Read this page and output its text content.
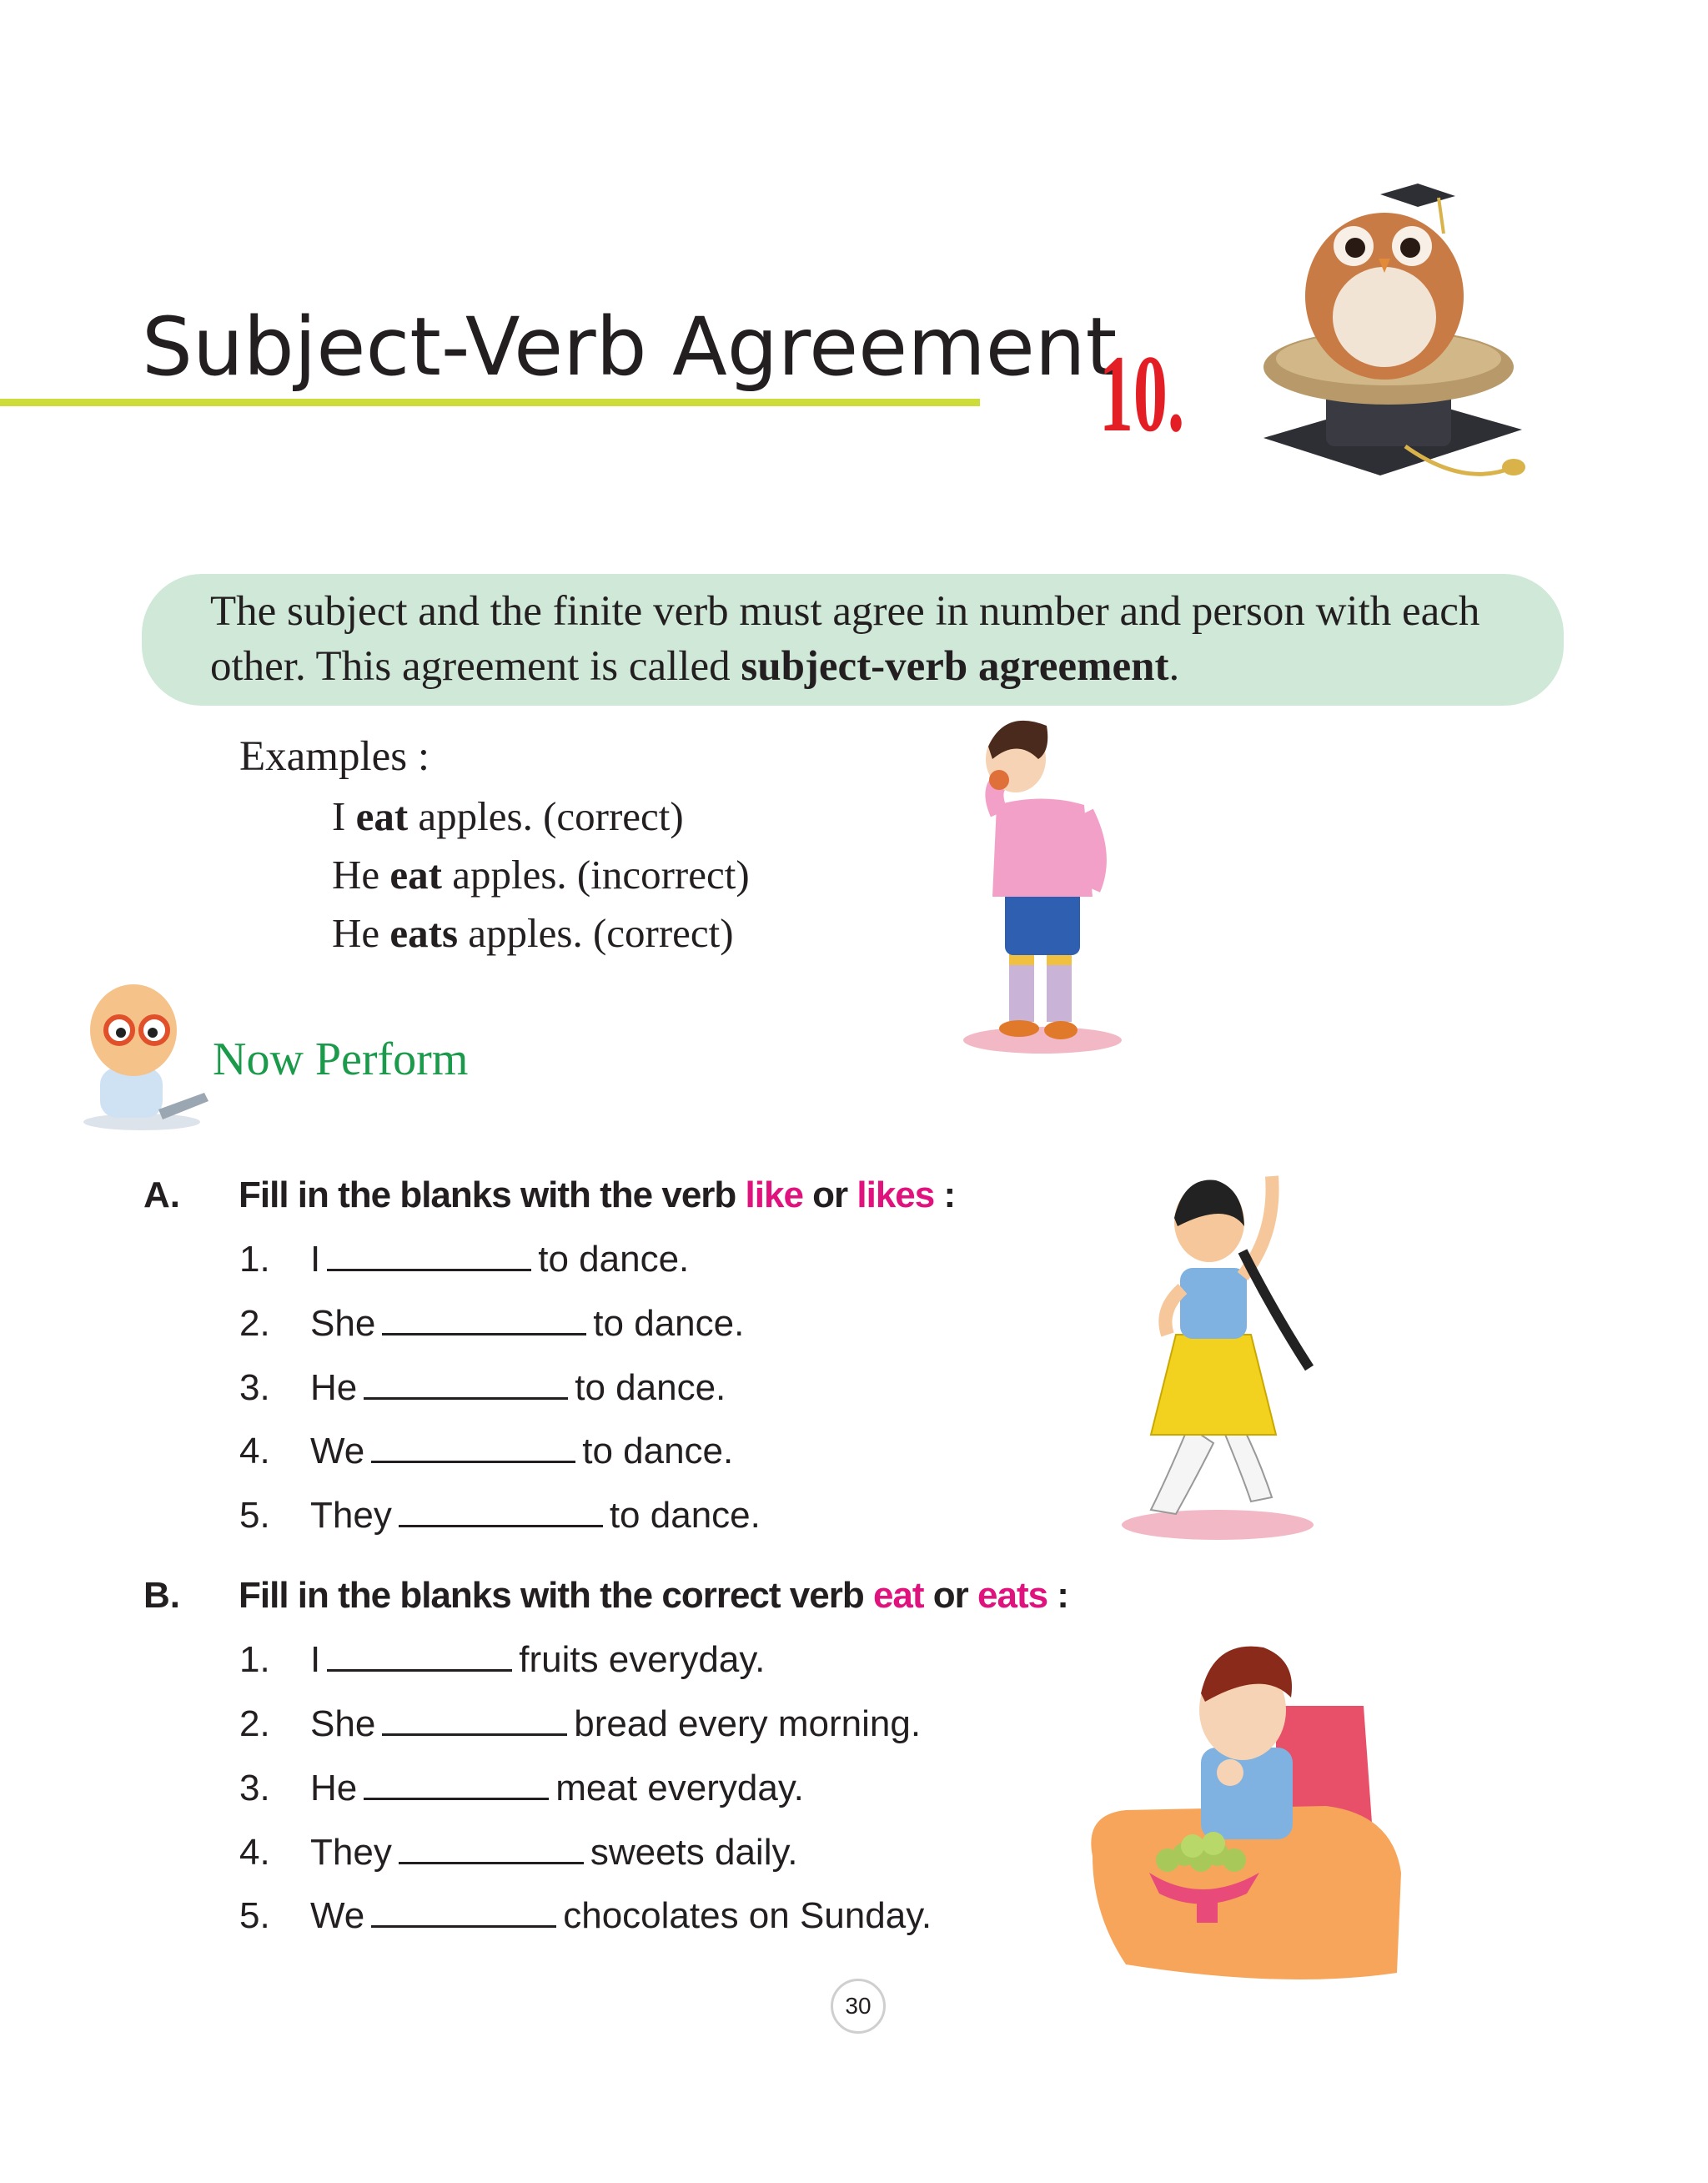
Subject-Verb Agreement
10.
The subject and the finite verb must agree in number and person with each other. This agreement is called subject-verb agreement.
Examples :
I eat apples. (correct)
He eat apples. (incorrect)
He eats apples. (correct)
Now Perform
A. Fill in the blanks with the verb like or likes :
1. I	to dance.
2. She	to dance.
3. He	to dance.
4. We	to dance.
5. They	to dance.
B. Fill in the blanks with the correct verb eat or eats :
1. I	fruits everyday.
2. She	bread every morning.
3. He	meat everyday.
4. They	sweets daily.
5. We	chocolates on Sunday.
30
